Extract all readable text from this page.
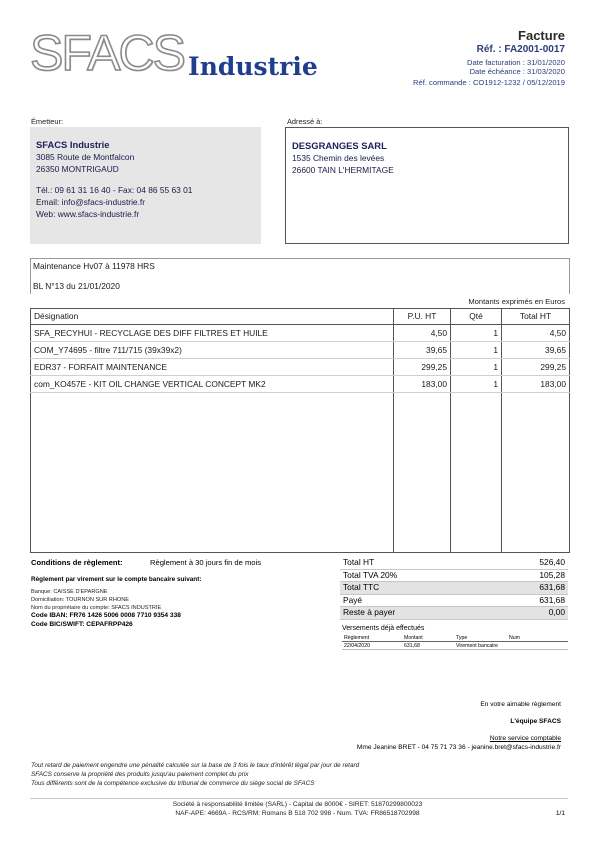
SFACS Industrie
Facture
Réf. : FA2001-0017
Date facturation : 31/01/2020
Date échéance : 31/03/2020
Réf. commande : CO1912-1232 / 05/12/2019
Émetteur:
SFACS Industrie
3085 Route de Montfalcon
26350 MONTRIGAUD
Tél.: 09 61 31 16 40 - Fax: 04 86 55 63 01
Email: info@sfacs-industrie.fr
Web: www.sfacs-industrie.fr
Adressé à:
DESGRANGES SARL
1535 Chemin des levées
26600 TAIN L'HERMITAGE
Maintenance Hv07 à 11978 HRS
BL N°13 du 21/01/2020
Montants exprimés en Euros
Désignation	P.U. HT	Qté	Total HT
SFA_RECYHUI - RECYCLAGE DES DIFF FILTRES ET HUILE	4,50	1	4,50
COM_Y74695 - filtre 711/715 (39x39x2)	39,65	1	39,65
EDR37 - FORFAIT MAINTENANCE	299,25	1	299,25
com_KO457E - KIT OIL CHANGE VERTICAL CONCEPT MK2	183,00	1	183,00

Conditions de règlement:	Règlement à 30 jours fin de mois
Règlement par virement sur le compte bancaire suivant:
Banque: CAISSE D'EPARGNE
Domiciliation: TOURNON SUR RHONE
Nom du propriétaire du compte: SFACS INDUSTRIE
Code IBAN: FR76 1426 5006 0008 7710 9354 338
Code BIC/SWIFT: CEPAFRPP426
Total HT	526,40
Total TVA 20%	105,28
Total TTC	631,68
Payé	631,68
Reste à payer	0,00
Versements déjà effectués
Règlement	Montant	Type	Num
22/04/2020	631,68	Virement bancaire
En votre aimable règlement
L'équipe SFACS
Notre service comptable
Mme Jeanine BRET - 04 75 71 73 36 - jeanine.bret@sfacs-industrie.fr
Tout retard de paiement engendre une pénalité calculée sur la base de 3 fois le taux d'intérêt légal par jour de retard
SFACS conserve la propriété des produits jusqu'au paiement complet du prix
Tous différents sont de la compétence exclusive du tribunal de commerce du siège social de SFACS
Société à responsabilité limitée (SARL) - Capital de 8000€ - SIRET: 51870299800023
NAF-APE: 4669A - RCS/RM: Romans B 518 702 998 - Num. TVA: FR86518702998	1/1
